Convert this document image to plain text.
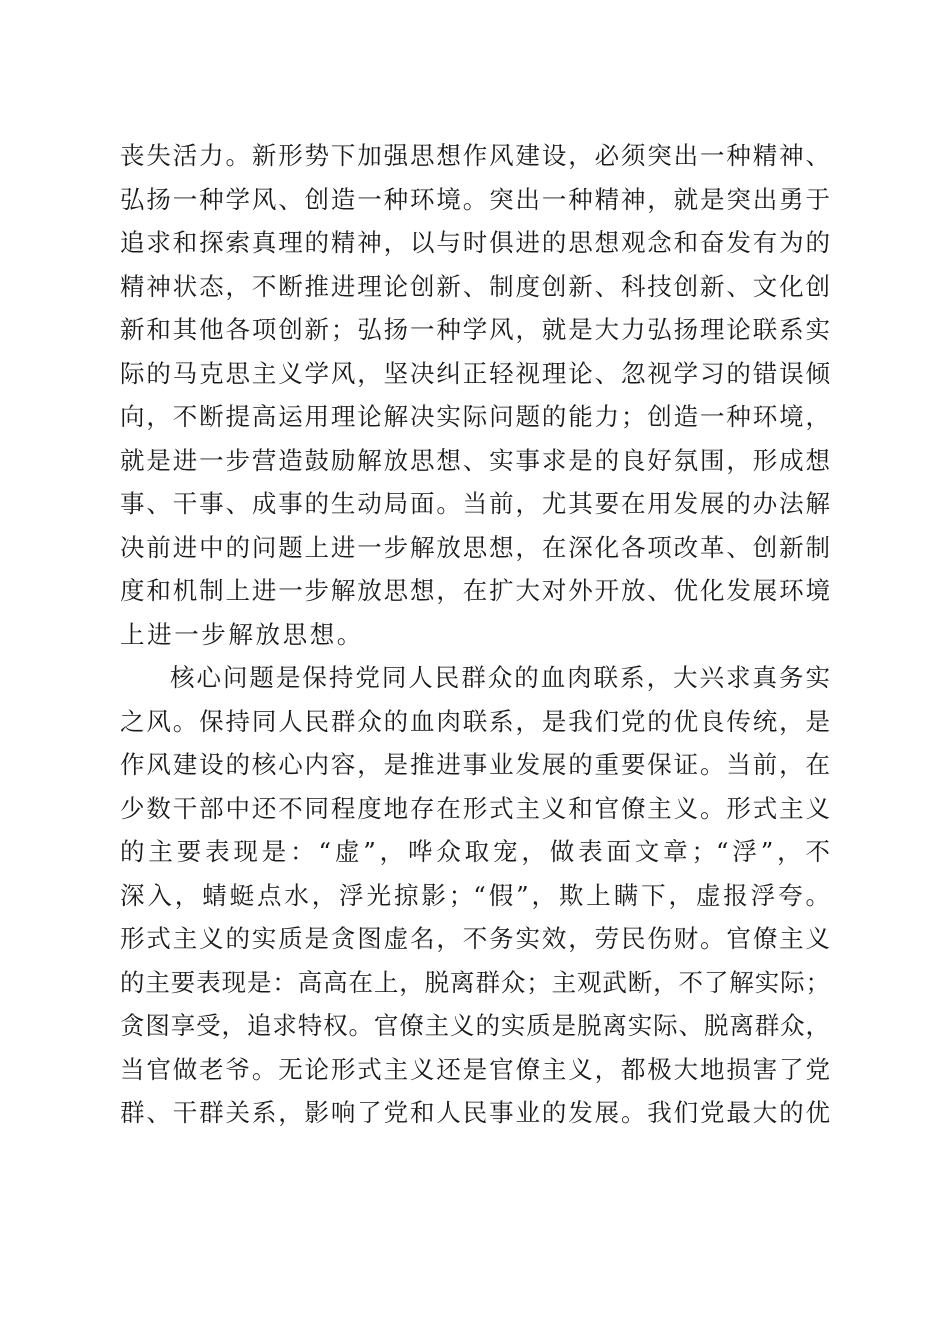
丧失活力。新形势下加强思想作风建设，必须突出一种精神、
弘扬一种学风、创造一种环境。突出一种精神，就是突出勇于
追求和探索真理的精神，以与时俱进的思想观念和奋发有为的
精神状态，不断推进理论创新、制度创新、科技创新、文化创
新和其他各项创新；弘扬一种学风，就是大力弘扬理论联系实
际的马克思主义学风，坚决纠正轻视理论、忽视学习的错误倾
向，不断提高运用理论解决实际问题的能力；创造一种环境，
就是进一步营造鼓励解放思想、实事求是的良好氛围，形成想
事、干事、成事的生动局面。当前，尤其要在用发展的办法解
决前进中的问题上进一步解放思想，在深化各项改革、创新制
度和机制上进一步解放思想，在扩大对外开放、优化发展环境
上进一步解放思想。
核心问题是保持党同人民群众的血肉联系，大兴求真务实
之风。保持同人民群众的血肉联系，是我们党的优良传统，是
作风建设的核心内容，是推进事业发展的重要保证。当前，在
少数干部中还不同程度地存在形式主义和官僚主义。形式主义
的主要表现是：“虚”，哗众取宠，做表面文章；“浮”，不
深入，蜻蜓点水，浮光掠影；“假”，欺上瞒下，虚报浮夸。
形式主义的实质是贪图虚名，不务实效，劳民伤财。官僚主义
的主要表现是：高高在上，脱离群众；主观武断，不了解实际；
贪图享受，追求特权。官僚主义的实质是脱离实际、脱离群众，
当官做老爷。无论形式主义还是官僚主义，都极大地损害了党
群、干群关系，影响了党和人民事业的发展。我们党最大的优
